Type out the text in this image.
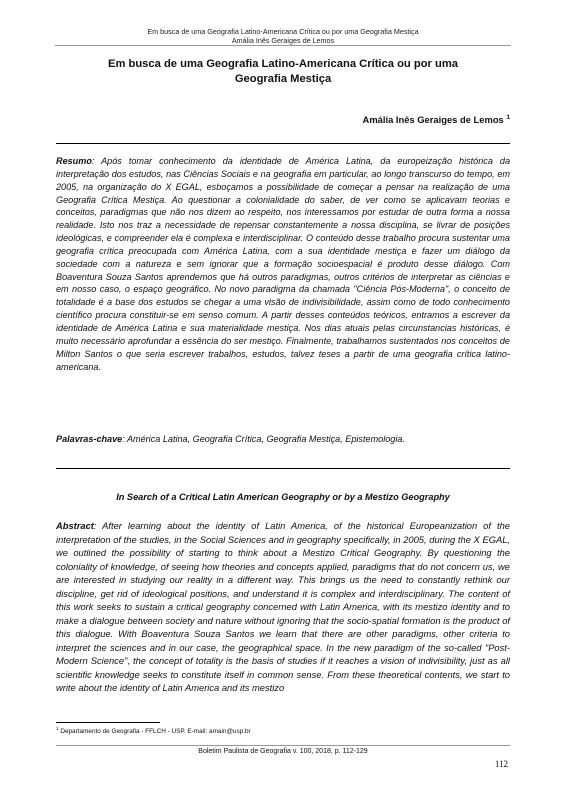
Em busca de uma Geografia Latino-Americana Crítica ou por uma Geografia Mestiça
Amália Inês Geraiges de Lemos
Em busca de uma Geografia Latino-Americana Crítica ou por uma
Geografia Mestiça
Amália Inês Geraiges de Lemos $^1$

Resumo: Após tomar conhecimento da identidade de América Latina, da europeização histórica da interpretação dos estudos, nas Ciências Sociais e na geografia em particular, ao longo transcurso do tempo, em 2005, na organização do X EGAL, esboçamos a possibilidade de começar a pensar na realização de uma Geografia Crítica Mestiça. Ao questionar a colonialidade do saber, de ver como se aplicavam teorias e conceitos, paradigmas que não nos dizem ao respeito, nos interessamos por estudar de outra forma a nossa realidade. Isto nos traz a necessidade de repensar constantemente a nossa disciplina, se livrar de posições ideológicas, e compreender ela é complexa e interdisciplinar. O conteúdo desse trabalho procura sustentar uma geografia crítica preocupada com América Latina, com a sua identidade mestiça e fazer um diálogo da sociedade com a natureza e sem ignorar que a formação socioespacial é produto desse diálogo. Com Boaventura Souza Santos aprendemos que há outros paradigmas, outros critérios de interpretar as ciências e em nosso caso, o espaço geográfico. No novo paradigma da chamada "Ciência Pós-Moderna", o conceito de totalidade é a base dos estudos se chegar a uma visão de indivisibilidade, assim como de todo conhecimento científico procura constituir-se em senso comum. A partir desses conteúdos teóricos, entramos a escrever da identidade de América Latina e sua materialidade mestiça. Nos dias atuais pelas circunstancias históricas, é muito necessário aprofundar a essência do ser mestiço. Finalmente, trabalhamos sustentados nos conceitos de Milton Santos o que seria escrever trabalhos, estudos, talvez teses a partir de uma geografia crítica latino-americana.

Palavras-chave: América Latina, Geografia Crítica, Geografia Mestiça, Epistemologia.
In Search of a Critical Latin American Geography or by a Mestizo Geography

Abstract: After learning about the identity of Latin America, of the historical Europeanization of the interpretation of the studies, in the Social Sciences and in geography specifically, in 2005, during the X EGAL, we outlined the possibility of starting to think about a Mestizo Critical Geography. By questioning the coloniality of knowledge, of seeing how theories and concepts applied, paradigms that do not concern us, we are interested in studying our reality in a different way. This brings us the need to constantly rethink our discipline, get rid of ideological positions, and understand it is complex and interdisciplinary. The content of this work seeks to sustain a critical geography concerned with Latin America, with its mestizo identity and to make a dialogue between society and nature without ignoring that the socio-spatial formation is the product of this dialogue. With Boaventura Souza Santos we learn that there are other paradigms, other criteria to interpret the sciences and in our case, the geographical space. In the new paradigm of the so-called "Post-Modern Science", the concept of totality is the basis of studies if it reaches a vision of indivisibility, just as all scientific knowledge seeks to constitute itself in common sense. From these theoretical contents, we start to write about the identity of Latin America and its mestizo

$^1$ Departamento de Geografia - FFLCH - USP. E-mail: amain@usp.br
Boletim Paulista de Geografia v. 100, 2018, p. 112-129
112
